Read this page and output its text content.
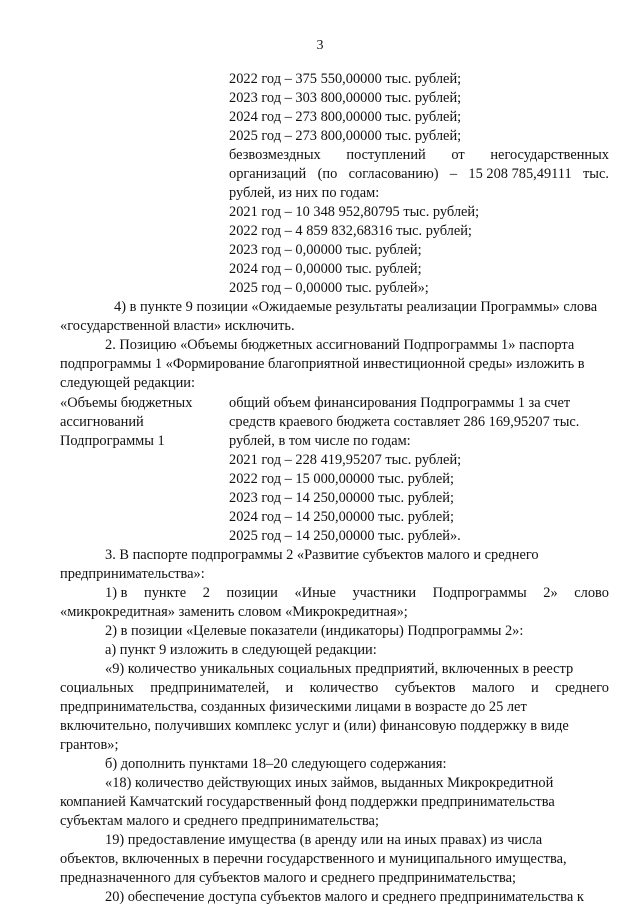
3
2022 год – 375 550,00000 тыс. рублей;
2023 год – 303 800,00000 тыс. рублей;
2024 год – 273 800,00000 тыс. рублей;
2025 год – 273 800,00000 тыс. рублей;
безвозмездных поступлений от негосударственных
организаций (по согласованию) – 15 208 785,49111 тыс.
рублей, из них по годам:
2021 год – 10 348 952,80795 тыс. рублей;
2022 год – 4 859 832,68316 тыс. рублей;
2023 год – 0,00000 тыс. рублей;
2024 год – 0,00000 тыс. рублей;
2025 год – 0,00000 тыс. рублей»;
4) в пункте 9 позиции «Ожидаемые результаты реализации Программы» слова
«государственной власти» исключить.
2. Позицию «Объемы бюджетных ассигнований Подпрограммы 1» паспорта
подпрограммы 1 «Формирование благоприятной инвестиционной среды» изложить в
следующей редакции:
«Объемы бюджетных
ассигнований
Подпрограммы 1
общий объем финансирования Подпрограммы 1 за счет
средств краевого бюджета составляет 286 169,95207 тыс.
рублей, в том числе по годам:
2021 год – 228 419,95207 тыс. рублей;
2022 год – 15 000,00000 тыс. рублей;
2023 год – 14 250,00000 тыс. рублей;
2024 год – 14 250,00000 тыс. рублей;
2025 год – 14 250,00000 тыс. рублей».
3. В паспорте подпрограммы 2 «Развитие субъектов малого и среднего
предпринимательства»:
1) в пункте 2 позиции «Иные участники Подпрограммы 2» слово
«микрокредитная» заменить словом «Микрокредитная»;
2) в позиции «Целевые показатели (индикаторы) Подпрограммы 2»:
а) пункт 9 изложить в следующей редакции:
«9) количество уникальных социальных предприятий, включенных в реестр
социальных предпринимателей, и количество субъектов малого и среднего
предпринимательства, созданных физическими лицами в возрасте до 25 лет
включительно, получивших комплекс услуг и (или) финансовую поддержку в виде
грантов»;
б) дополнить пунктами 18–20 следующего содержания:
«18) количество действующих иных займов, выданных Микрокредитной
компанией Камчатский государственный фонд поддержки предпринимательства
субъектам малого и среднего предпринимательства;
19) предоставление имущества (в аренду или на иных правах) из числа
объектов, включенных в перечни государственного и муниципального имущества,
предназначенного для субъектов малого и среднего предпринимательства;
20) обеспечение доступа субъектов малого и среднего предпринимательства к
